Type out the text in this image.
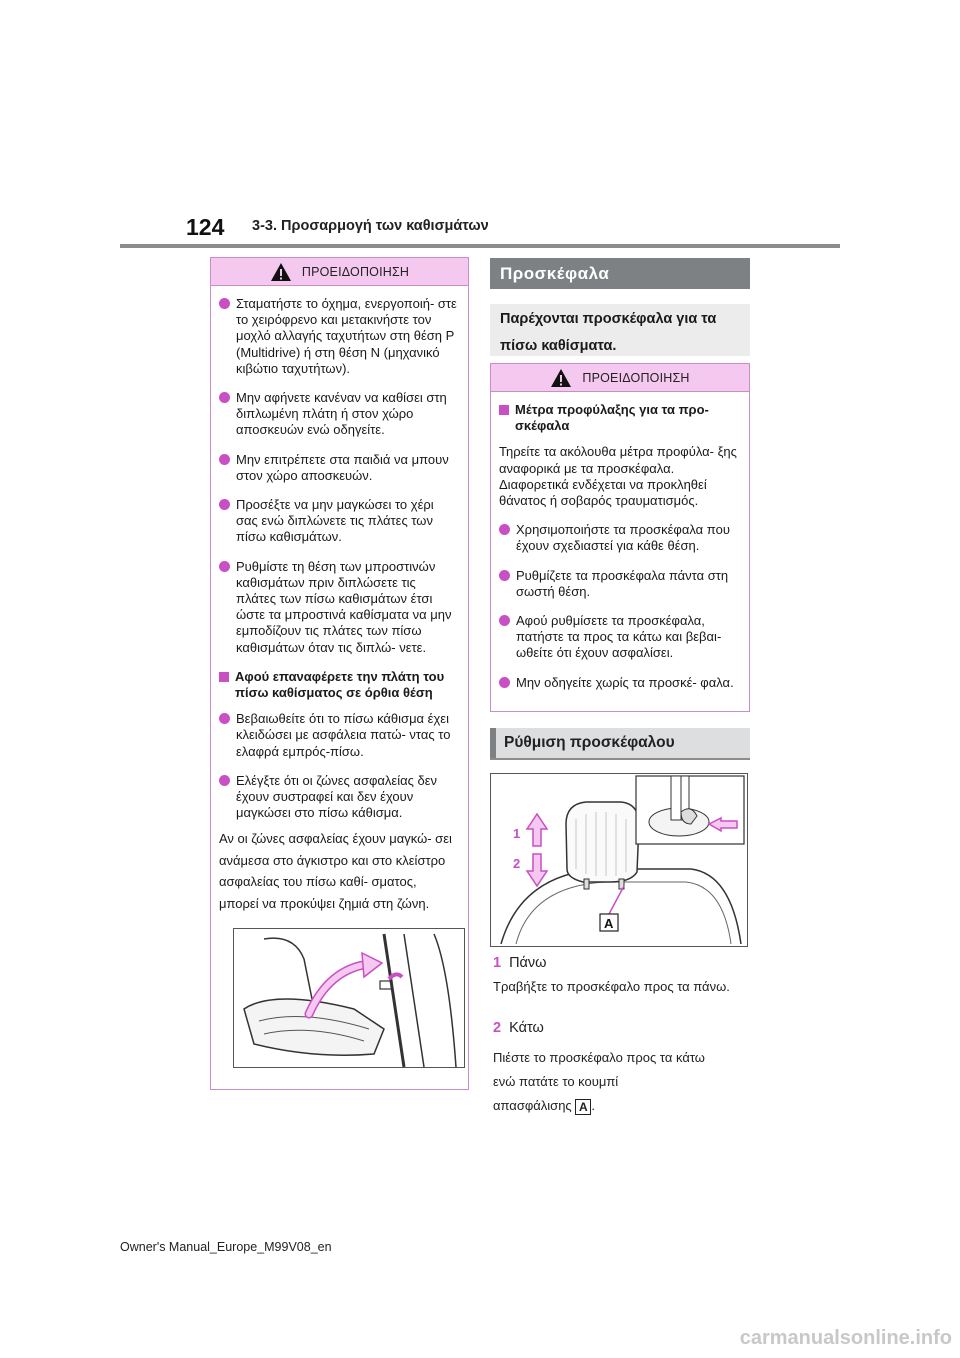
124 3-3. Προσαρμογή των καθισμάτων
ΠΡΟΕΙΔΟΠΟΙΗΣΗ
Σταματήστε το όχημα, ενεργοποιή- στε το χειρόφρενο και μετακινήστε τον μοχλό αλλαγής ταχυτήτων στη θέση P (Multidrive) ή στη θέση N (μηχανικό κιβώτιο ταχυτήτων).
Μην αφήνετε κανέναν να καθίσει στη διπλωμένη πλάτη ή στον χώρο αποσκευών ενώ οδηγείτε.
Μην επιτρέπετε στα παιδιά να μπουν στον χώρο αποσκευών.
Προσέξτε να μην μαγκώσει το χέρι σας ενώ διπλώνετε τις πλάτες των πίσω καθισμάτων.
Ρυθμίστε τη θέση των μπροστινών καθισμάτων πριν διπλώσετε τις πλάτες των πίσω καθισμάτων έτσι ώστε τα μπροστινά καθίσματα να μην εμποδίζουν τις πλάτες των πίσω καθισμάτων όταν τις διπλώ- νετε.
Αφού επαναφέρετε την πλάτη του πίσω καθίσματος σε όρθια θέση
Βεβαιωθείτε ότι το πίσω κάθισμα έχει κλειδώσει με ασφάλεια πατώ- ντας το ελαφρά εμπρός-πίσω.
Ελέγξτε ότι οι ζώνες ασφαλείας δεν έχουν συστραφεί και δεν έχουν μαγκώσει στο πίσω κάθισμα.
Αν οι ζώνες ασφαλείας έχουν μαγκώ- σει ανάμεσα στο άγκιστρο και στο κλείστρο ασφαλείας του πίσω καθί- σματος, μπορεί να προκύψει ζημιά στη ζώνη.
Προσκέφαλα
Παρέχονται προσκέφαλα για τα πίσω καθίσματα.
ΠΡΟΕΙΔΟΠΟΙΗΣΗ
Μέτρα προφύλαξης για τα προ- σκέφαλα
Τηρείτε τα ακόλουθα μέτρα προφύλα- ξης αναφορικά με τα προσκέφαλα. Διαφορετικά ενδέχεται να προκληθεί θάνατος ή σοβαρός τραυματισμός.
Χρησιμοποιήστε τα προσκέφαλα που έχουν σχεδιαστεί για κάθε θέση.
Ρυθμίζετε τα προσκέφαλα πάντα στη σωστή θέση.
Αφού ρυθμίσετε τα προσκέφαλα, πατήστε τα προς τα κάτω και βεβαι- ωθείτε ότι έχουν ασφαλίσει.
Μην οδηγείτε χωρίς τα προσκέ- φαλα.
Ρύθμιση προσκέφαλου
1
2
A
1 Πάνω
Τραβήξτε το προσκέφαλο προς τα πάνω.
2 Κάτω
Πιέστε το προσκέφαλο προς τα κάτω
ενώ πατάτε το κουμπί
απασφάλισης A .
Owner's Manual_Europe_M99V08_en
carmanualsonline.info
